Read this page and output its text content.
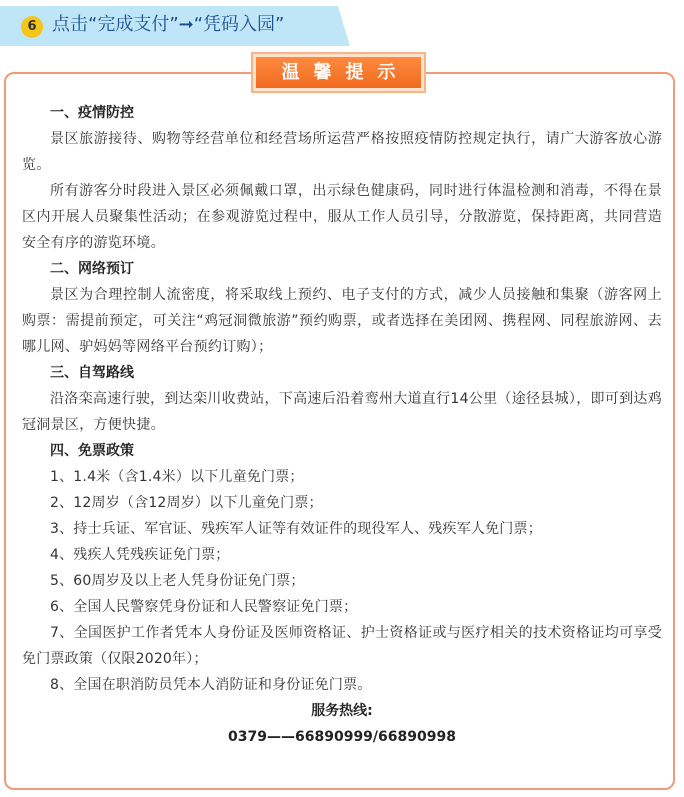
6 点击“完成支付”➞“凭码入园”
温馨提示

一、疫情防控

景区旅游接待、购物等经营单位和经营场所运营严格按照疫情防控规定执行，请广大游客放心游览。

所有游客分时段进入景区必须佩戴口罩，出示绿色健康码，同时进行体温检测和消毒，不得在景区内开展人员聚集性活动；在参观游览过程中，服从工作人员引导，分散游览，保持距离，共同营造安全有序的游览环境。

二、网络预订

景区为合理控制人流密度，将采取线上预约、电子支付的方式，减少人员接触和集聚（游客网上购票：需提前预定，可关注“鸡冠洞微旅游”预约购票，或者选择在美团网、携程网、同程旅游网、去哪儿网、驴妈妈等网络平台预约订购）；

三、自驾路线

沿洛栾高速行驶，到达栾川收费站，下高速后沿着鸾州大道直行14公里（途径县城），即可到达鸡冠洞景区，方便快捷。

四、免票政策

1、1.4米（含1.4米）以下儿童免门票；

2、12周岁（含12周岁）以下儿童免门票；

3、持士兵证、军官证、残疾军人证等有效证件的现役军人、残疾军人免门票；

4、残疾人凭残疾证免门票；

5、60周岁及以上老人凭身份证免门票；

6、全国人民警察凭身份证和人民警察证免门票；

7、全国医护工作者凭本人身份证及医师资格证、护士资格证或与医疗相关的技术资格证均可享受免门票政策（仅限2020年）；

8、全国在职消防员凭本人消防证和身份证免门票。

服务热线:

0379——66890999/66890998
